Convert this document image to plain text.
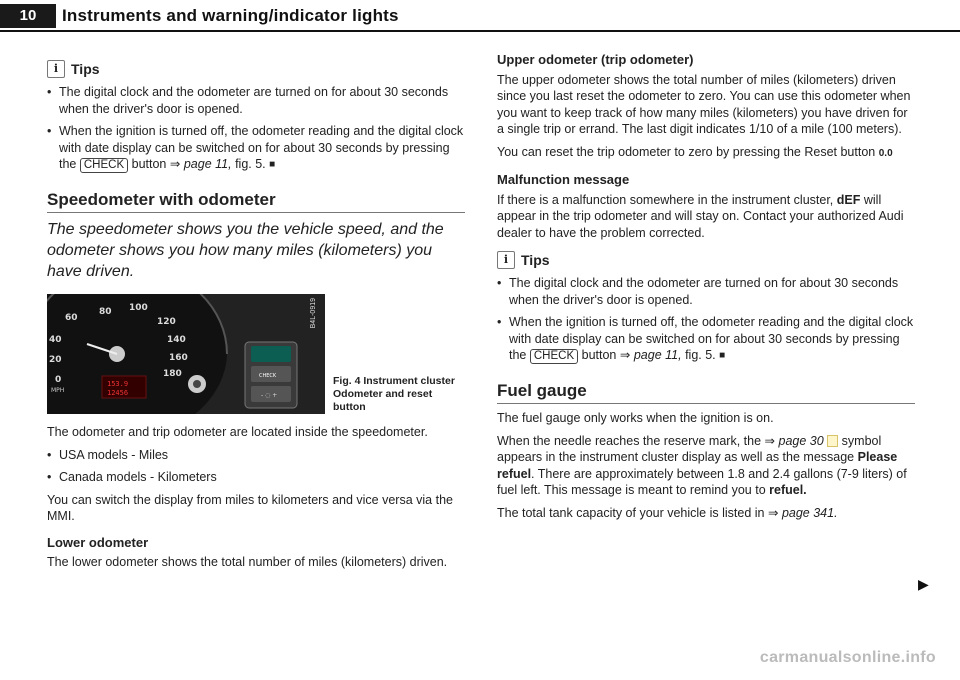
10	Instruments and warning/indicator lights
i Tips
• The digital clock and the odometer are turned on for about 30 seconds when the driver's door is opened.
• When the ignition is turned off, the odometer reading and the digital clock with date display can be switched on for about 30 seconds by pressing the CHECK button ⇒ page 11, fig. 5. ■
Speedometer with odometer
The speedometer shows you the vehicle speed, and the odometer shows you how many miles (kilometers) you have driven.
80 100
120
140
160
180
60
40
20
0	153.9
12456
MPH
CHECK
- ◌ +
B4L-0919
Fig. 4 Instrument cluster Odometer and reset button

The odometer and trip odometer are located inside the speedometer.

• USA models - Miles
• Canada models - Kilometers

You can switch the display from miles to kilometers and vice versa via the MMI.

Lower odometer

The lower odometer shows the total number of miles (kilometers) driven.

Upper odometer (trip odometer)

The upper odometer shows the total number of miles (kilometers) driven since you last reset the odometer to zero. You can use this odometer when you want to keep track of how many miles (kilometers) you have driven for a single trip or errand. The last digit indicates 1/10 of a mile (100 meters).

You can reset the trip odometer to zero by pressing the Reset button 0.0

Malfunction message

If there is a malfunction somewhere in the instrument cluster, dEF will appear in the trip odometer and will stay on. Contact your authorized Audi dealer to have the problem corrected.

i Tips
• The digital clock and the odometer are turned on for about 30 seconds when the driver's door is opened.
• When the ignition is turned off, the odometer reading and the digital clock with date display can be switched on for about 30 seconds by pressing the CHECK button ⇒ page 11, fig. 5. ■
Fuel gauge

The fuel gauge only works when the ignition is on.

When the needle reaches the reserve mark, the ⇒ page 30 symbol appears in the instrument cluster display as well as the message Please refuel. There are approximately between 1.8 and 2.4 gallons (7-9 liters) of fuel left. This message is meant to remind you to refuel.

The total tank capacity of your vehicle is listed in ⇒ page 341.

▶
carmanualsonline.info
